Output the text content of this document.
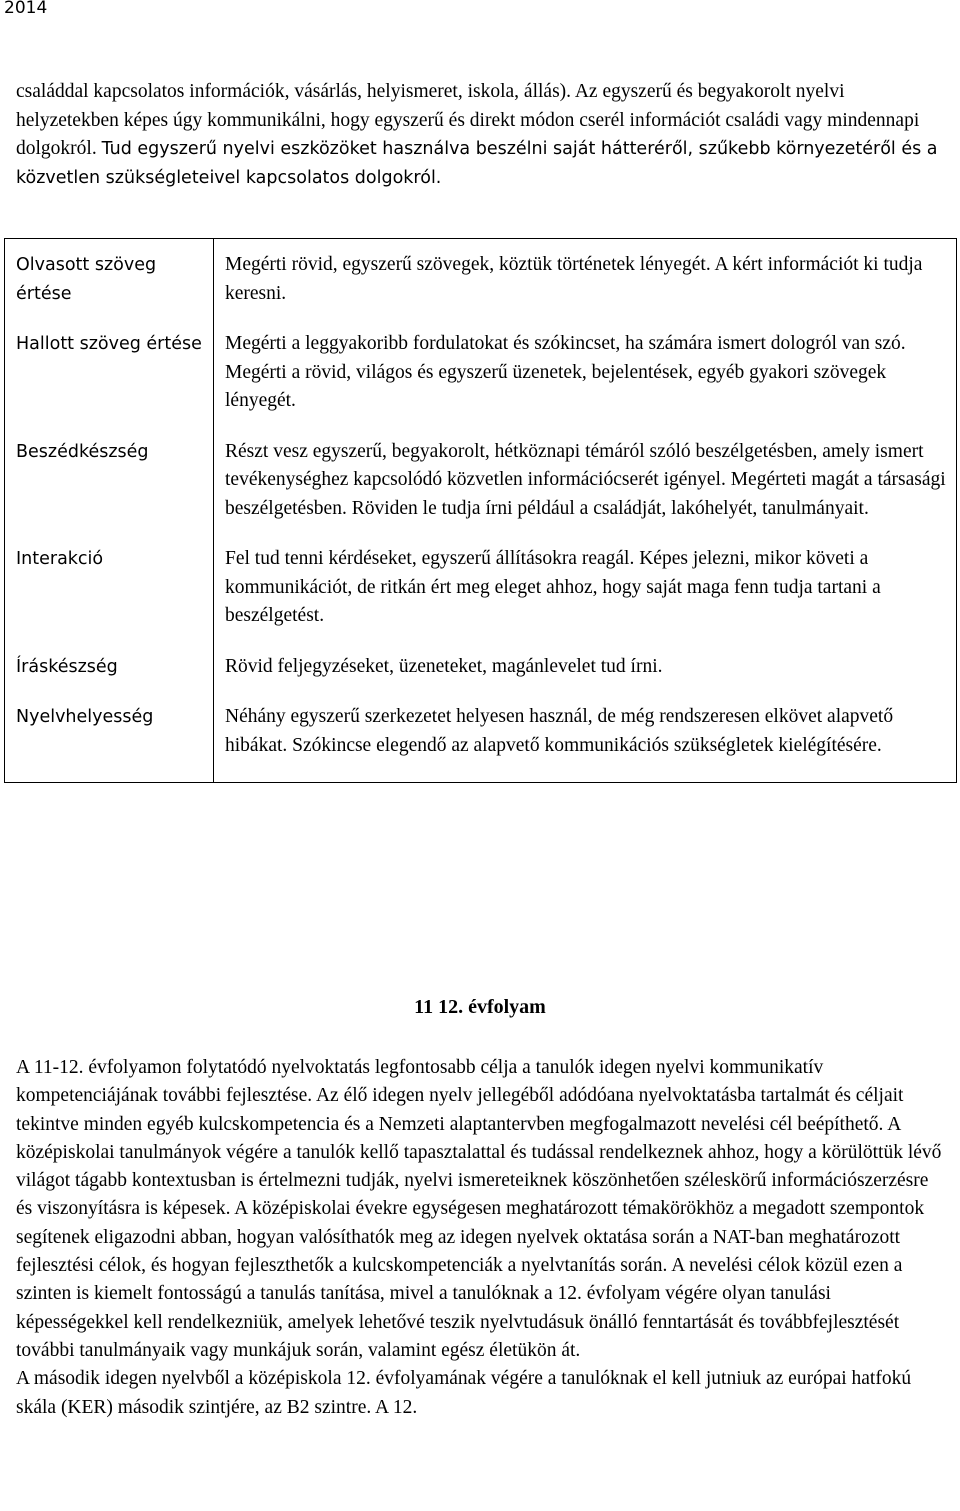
2014

családdal kapcsolatos információk, vásárlás, helyismeret, iskola, állás). Az egyszerű és begyakorolt nyelvi helyzetekben képes úgy kommunikálni, hogy egyszerű és direkt módon cserél információt családi vagy mindennapi dolgokról. Tud egyszerű nyelvi eszközöket használva beszélni saját hátteréről, szűkebb környezetéről és a közvetlen szükségleteivel kapcsolatos dolgokról.

Olvasott szöveg értése	Megérti rövid, egyszerű szövegek, köztük történetek lényegét. A kért információt ki tudja keresni.

Hallott szöveg értése	Megérti a leggyakoribb fordulatokat és szókincset, ha számára ismert dologról van szó. Megérti a rövid, világos és egyszerű üzenetek, bejelentések, egyéb gyakori szövegek lényegét.

Beszédkészség	Részt vesz egyszerű, begyakorolt, hétköznapi témáról szóló beszélgetésben, amely ismert tevékenységhez kapcsolódó közvetlen információcserét igényel. Megérteti magát a társasági beszélgetésben. Röviden le tudja írni például a családját, lakóhelyét, tanulmányait.

Interakció	Fel tud tenni kérdéseket, egyszerű állításokra reagál. Képes jelezni, mikor követi a kommunikációt, de ritkán ért meg eleget ahhoz, hogy saját maga fenn tudja tartani a beszélgetést.

Íráskészség	Rövid feljegyzéseket, üzeneteket, magánlevelet tud írni.

Nyelvhelyesség	Néhány egyszerű szerkezetet helyesen használ, de még rendszeresen elkövet alapvető hibákat. Szókincse elegendő az alapvető kommunikációs szükségletek kielégítésére.
11 12. évfolyam

A 11-12. évfolyamon folytatódó nyelvoktatás legfontosabb célja a tanulók idegen nyelvi kommunikatív kompetenciájának további fejlesztése. Az élő idegen nyelv jellegéből adódóana nyelvoktatásba tartalmát és céljait tekintve minden egyéb kulcskompetencia és a Nemzeti alaptantervben megfogalmazott nevelési cél beépíthető. A középiskolai tanulmányok végére a tanulók kellő tapasztalattal és tudással rendelkeznek ahhoz, hogy a körülöttük lévő világot tágabb kontextusban is értelmezni tudják, nyelvi ismereteiknek köszönhetően széleskörű információszerzésre és viszonyításra is képesek. A középiskolai évekre egységesen meghatározott témakörökhöz a megadott szempontok segítenek eligazodni abban, hogyan valósíthatók meg az idegen nyelvek oktatása során a NAT-ban meghatározott fejlesztési célok, és hogyan fejleszthetők a kulcskompetenciák a nyelvtanítás során. A nevelési célok közül ezen a szinten is kiemelt fontosságú a tanulás tanítása, mivel a tanulóknak a 12. évfolyam végére olyan tanulási képességekkel kell rendelkezniük, amelyek lehetővé teszik nyelvtudásuk önálló fenntartását és továbbfejlesztését további tanulmányaik vagy munkájuk során, valamint egész életükön át.

A második idegen nyelvből a középiskola 12. évfolyamának végére a tanulóknak el kell jutniuk az európai hatfokú skála (KER) második szintjére, az B2 szintre. A 12.
